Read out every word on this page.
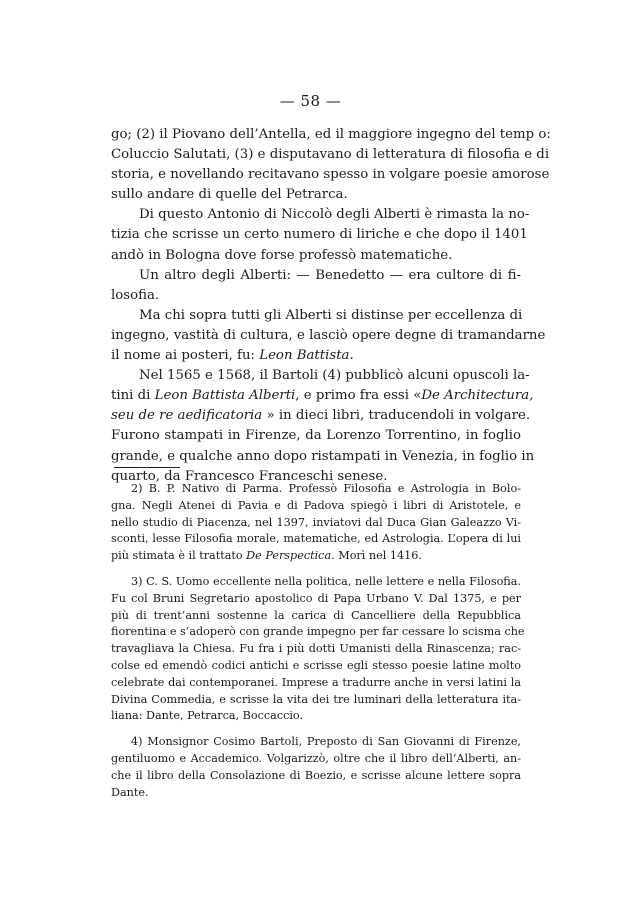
— 58 —

go; (2) il Piovano dell’Antella, ed il maggiore ingegno del temp o:
Coluccio Salutati, (3) e disputavano di letteratura di filosofia e di
storia, e novellando recitavano spesso in volgare poesie amorose
sullo andare di quelle del Petrarca.

Di questo Antonio di Niccolò degli Alberti è rimasta la no-
tizia che scrisse un certo numero di liriche e che dopo il 1401
andò in Bologna dove forse professò matematiche.

Un altro degli Alberti: — Benedetto — era cultore di fi-
losofia.

Ma chi sopra tutti gli Alberti si distinse per eccellenza di
ingegno, vastità di cultura, e lasciò opere degne di tramandarne
il nome ai posteri, fu: Leon Battista.

Nel 1565 e 1568, il Bartoli (4) pubblicò alcuni opuscoli la-
tini di Leon Battista Alberti, e primo fra essi «De Architectura,
seu de re aedificatoria » in dieci libri, traducendoli in volgare.
Furono stampati in Firenze, da Lorenzo Torrentino, in foglio
grande, e qualche anno dopo ristampati in Venezia, in foglio in
quarto, da Francesco Franceschi senese.

2) B. P. Nativo di Parma. Professò Filosofia e Astrologia in Bolo-
gna. Negli Atenei di Pavia e di Padova spiegò i libri di Aristotele, e
nello studio di Piacenza, nel 1397, inviatovi dal Duca Gian Galeazzo Vi-
sconti, lesse Filosofia morale, matematiche, ed Astrologia. L’opera di lui
più stimata è il trattato De Perspectica. Morì nel 1416.

3) C. S. Uomo eccellente nella politica, nelle lettere e nella Filosofia.
Fu col Bruni Segretario apostolico di Papa Urbano V. Dal 1375, e per
più di trent’anni sostenne la carica di Cancelliere della Repubblica
fiorentina e s’adoperò con grande impegno per far cessare lo scisma che
travagliava la Chiesa. Fu fra i più dotti Umanisti della Rinascenza; rac-
colse ed emendò codici antichi e scrisse egli stesso poesie latine molto
celebrate dai contemporanei. Imprese a tradurre anche in versi latini la
Divina Commedia, e scrisse la vita dei tre luminari della letteratura ita-
liana: Dante, Petrarca, Boccaccio.

4) Monsignor Cosimo Bartoli, Preposto di San Giovanni di Firenze,
gentiluomo e Accademico. Volgarizzò, oltre che il libro dell’Alberti, an-
che il libro della Consolazione di Boezio, e scrisse alcune lettere sopra
Dante.
